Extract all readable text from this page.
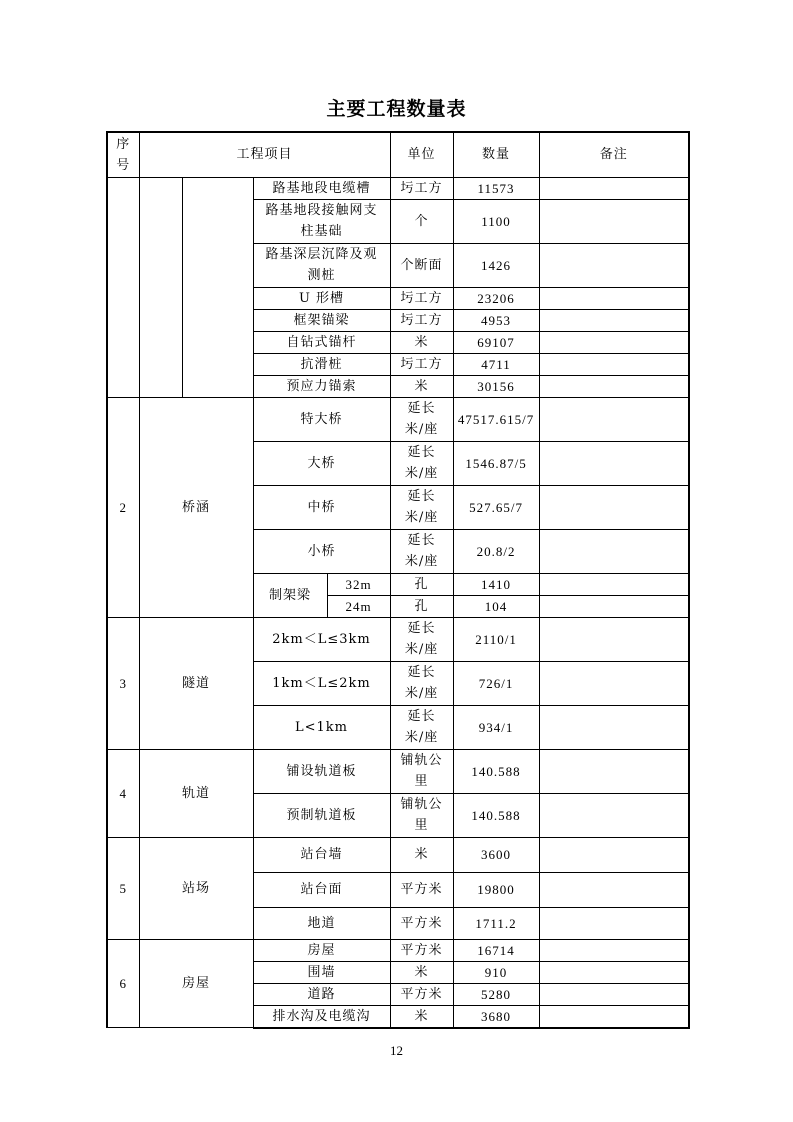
主要工程数量表
序
号	工程项目				单位	数量	备注
			路基地段电缆槽		圬工方	11573	
			路基地段接触网支柱基础		个	1100	
			路基深层沉降及观测桩		个断面	1426	
			U 形槽		圬工方	23206	
			框架锚梁		圬工方	4953	
			自钻式锚杆		米	69107	
			抗滑桩		圬工方	4711	
			预应力锚索		米	30156	
2	桥涵		特大桥		延长米/座	47517.615/7	
			大桥		延长米/座	1546.87/5	
			中桥		延长米/座	527.65/7	
			小桥		延长米/座	20.8/2	
			制架梁	32m	孔	1410	
				24m	孔	104	
3	隧道		2km＜L≤3km		延长米/座	2110/1	
			1km＜L≤2km		延长米/座	726/1	
			L<1km		延长米/座	934/1	
4	轨道		铺设轨道板		铺轨公里	140.588	
			预制轨道板		铺轨公里	140.588	
5	站场		站台墙		米	3600	
			站台面		平方米	19800	
			地道		平方米	1711.2	
6	房屋		房屋		平方米	16714	
			围墙		米	910	
			道路		平方米	5280	
			排水沟及电缆沟		米	3680	
12
